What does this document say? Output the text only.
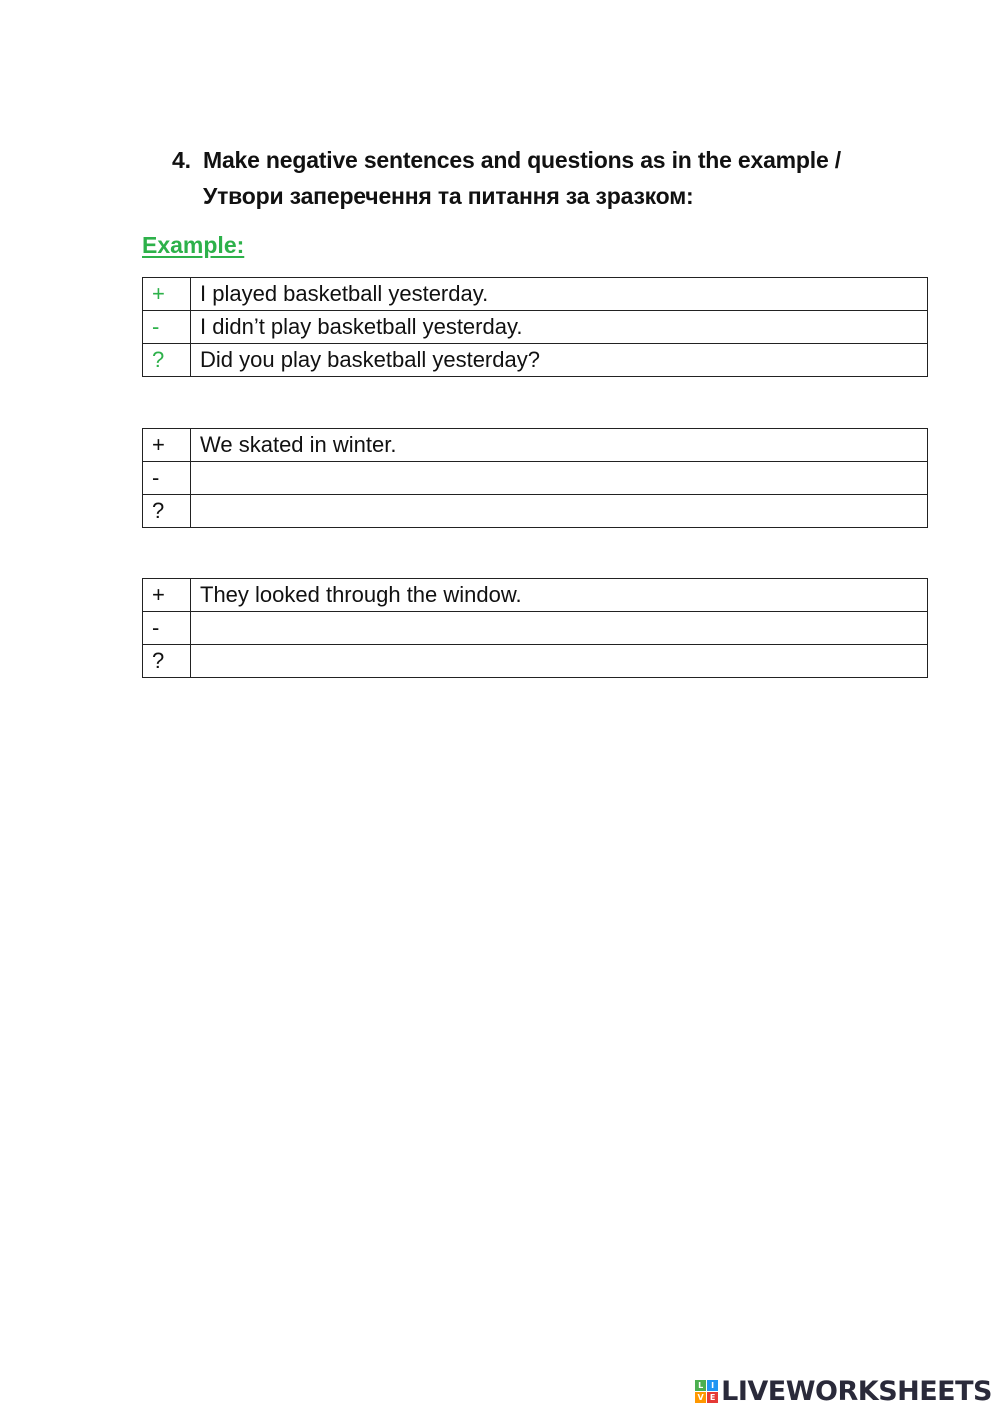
4. Make negative sentences and questions as in the example /
Утвори заперечення та питання за зразком:
Example:
+	I played basketball yesterday.
-	I didn’t play basketball yesterday.
?	Did you play basketball yesterday?
+	We skated in winter.
-	
?	
+	They looked through the window.
-	
?	
L I
V E LIVEWORKSHEETS
